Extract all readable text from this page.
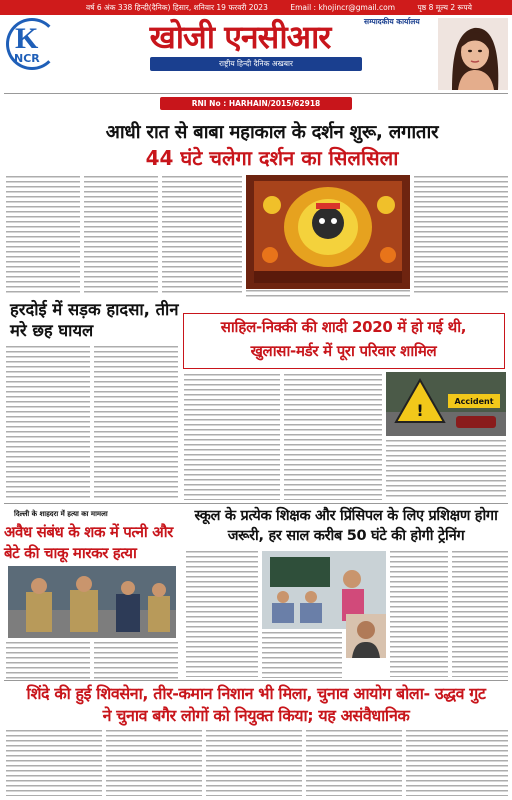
वर्ष 6 अंक 338 हिन्दी(दैनिक) हिसार, शनिवार 19 फरवरी 2023	Email : khojincr@gmail.com	पृष्ठ 8 मूल्य 2 रूपये
K
NCR
खोजी एनसीआर	सम्पादकीय कार्यालय
राष्ट्रीय हिन्दी दैनिक अखबार
RNI No : HARHAIN/2015/62918
आधी रात से बाबा महाकाल के दर्शन शुरू, लगातार
44 घंटे चलेगा दर्शन का सिलसिला
हरदोई में सड़क हादसा, तीन मरे छह घायल	साहिल-निक्की की शादी 2020 में हो गई थी,
खुलासा-मर्डर में पूरा परिवार शामिल
!	Accident
दिल्ली के शाहदरा में हत्या का मामला
अवैध संबंध के शक में पत्नी और
बेटे की चाकू मारकर हत्या
स्कूल के प्रत्येक शिक्षक और प्रिंसिपल के लिए प्रशिक्षण होगा
जरूरी, हर साल करीब 50 घंटे की होगी ट्रेनिंग
शिंदे की हुई शिवसेना, तीर-कमान निशान भी मिला, चुनाव आयोग बोला- उद्धव गुट
ने चुनाव बगैर लोगों को नियुक्त किया; यह असंवैधानिक
